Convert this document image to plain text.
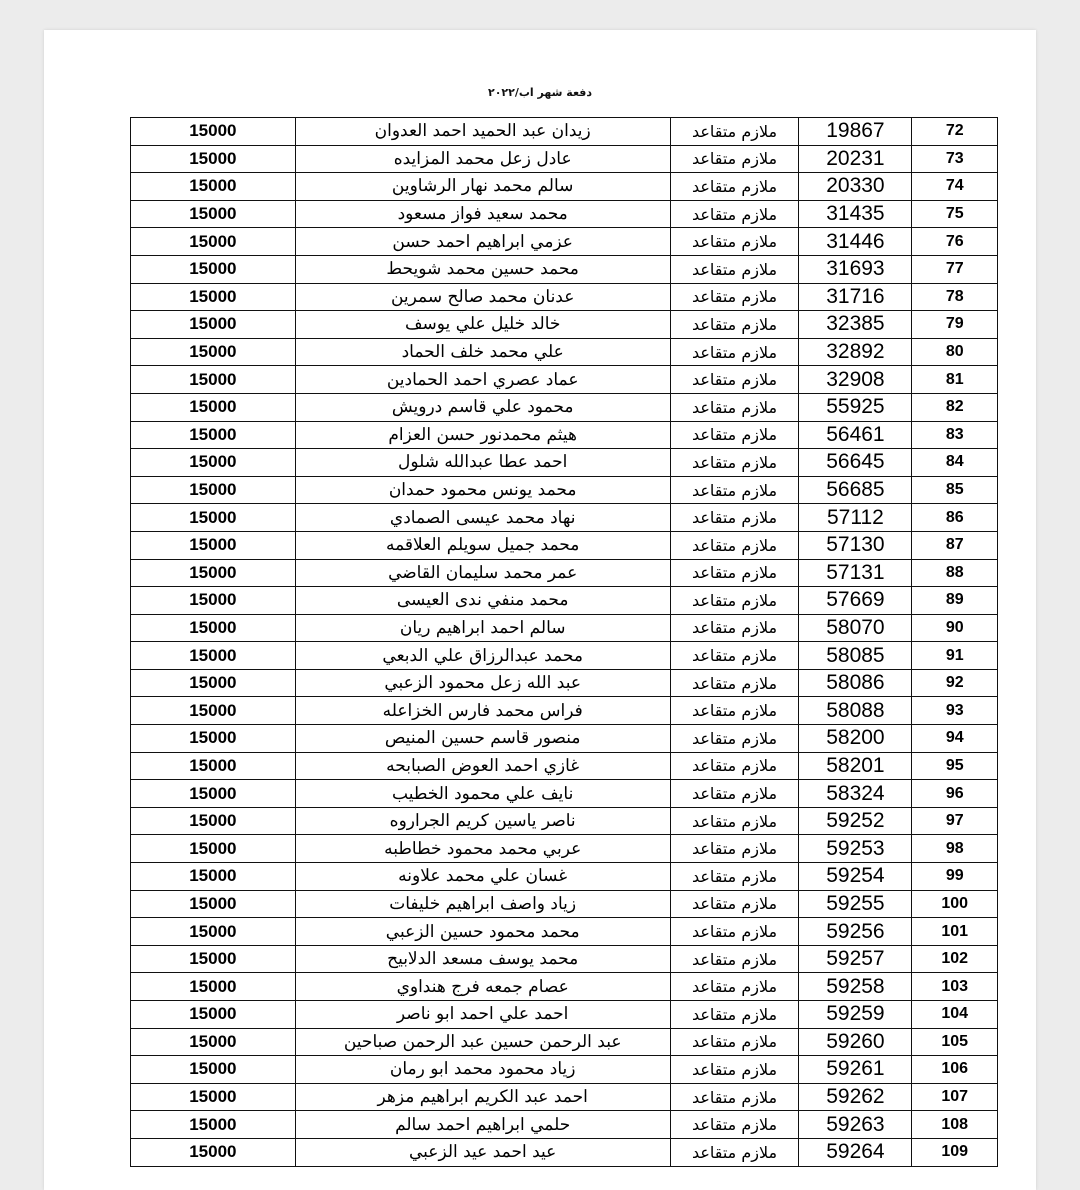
دفعة شهر اب/٢٠٢٢
15000	زيدان عبد الحميد احمد العدوان	ملازم متقاعد	19867	72
15000	عادل زعل محمد المزايده	ملازم متقاعد	20231	73
15000	سالم محمد نهار الرشاوين	ملازم متقاعد	20330	74
15000	محمد سعيد فواز مسعود	ملازم متقاعد	31435	75
15000	عزمي ابراهيم احمد حسن	ملازم متقاعد	31446	76
15000	محمد حسين محمد شويحط	ملازم متقاعد	31693	77
15000	عدنان محمد صالح سمرين	ملازم متقاعد	31716	78
15000	خالد خليل علي يوسف	ملازم متقاعد	32385	79
15000	علي محمد خلف الحماد	ملازم متقاعد	32892	80
15000	عماد عصري احمد الحمادين	ملازم متقاعد	32908	81
15000	محمود علي قاسم درويش	ملازم متقاعد	55925	82
15000	هيثم محمدنور حسن العزام	ملازم متقاعد	56461	83
15000	احمد عطا عبدالله شلول	ملازم متقاعد	56645	84
15000	محمد يونس محمود حمدان	ملازم متقاعد	56685	85
15000	نهاد محمد عيسى الصمادي	ملازم متقاعد	57112	86
15000	محمد جميل سويلم العلاقمه	ملازم متقاعد	57130	87
15000	عمر محمد سليمان القاضي	ملازم متقاعد	57131	88
15000	محمد منفي ندى العيسى	ملازم متقاعد	57669	89
15000	سالم احمد ابراهيم ريان	ملازم متقاعد	58070	90
15000	محمد عبدالرزاق علي الدبعي	ملازم متقاعد	58085	91
15000	عبد الله زعل محمود الزعبي	ملازم متقاعد	58086	92
15000	فراس محمد فارس الخزاعله	ملازم متقاعد	58088	93
15000	منصور قاسم حسين المنيص	ملازم متقاعد	58200	94
15000	غازي احمد العوض الصبابحه	ملازم متقاعد	58201	95
15000	نايف علي محمود الخطيب	ملازم متقاعد	58324	96
15000	ناصر ياسين كريم الجراروه	ملازم متقاعد	59252	97
15000	عربي محمد محمود خطاطبه	ملازم متقاعد	59253	98
15000	غسان علي محمد علاونه	ملازم متقاعد	59254	99
15000	زياد واصف ابراهيم خليفات	ملازم متقاعد	59255	100
15000	محمد محمود حسين الزعبي	ملازم متقاعد	59256	101
15000	محمد يوسف مسعد الدلابيح	ملازم متقاعد	59257	102
15000	عصام جمعه فرج هنداوي	ملازم متقاعد	59258	103
15000	احمد علي احمد ابو ناصر	ملازم متقاعد	59259	104
15000	عبد الرحمن حسين عبد الرحمن صباحين	ملازم متقاعد	59260	105
15000	زياد محمود محمد ابو رمان	ملازم متقاعد	59261	106
15000	احمد عبد الكريم ابراهيم مزهر	ملازم متقاعد	59262	107
15000	حلمي ابراهيم احمد سالم	ملازم متقاعد	59263	108
15000	عيد احمد عيد الزعبي	ملازم متقاعد	59264	109
